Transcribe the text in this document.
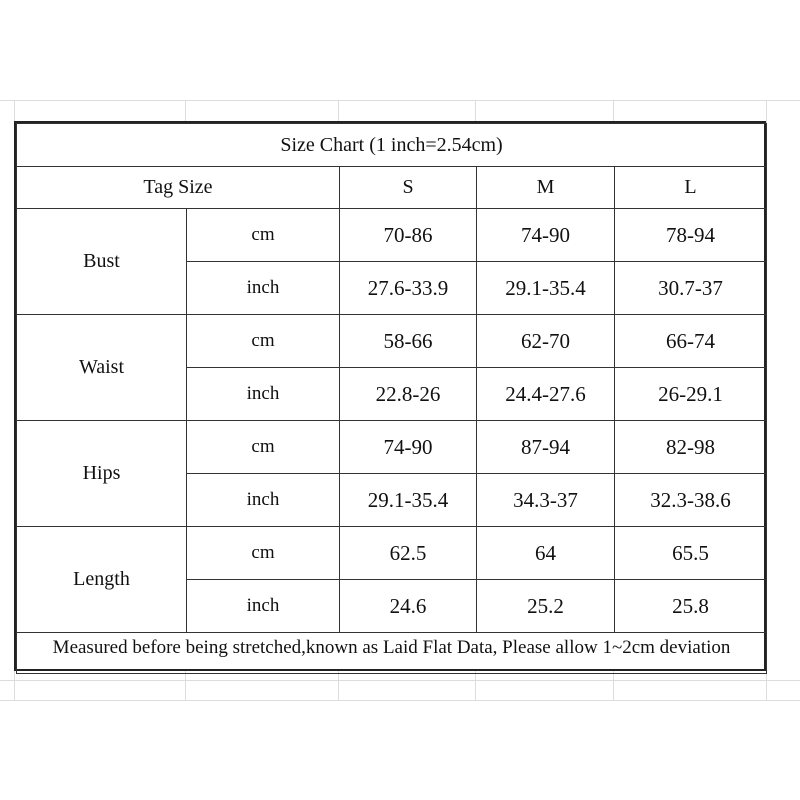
Size Chart (1 inch=2.54cm)				
Tag Size		S	M	L
Bust	cm	70-86	74-90	78-94
	inch	27.6-33.9	29.1-35.4	30.7-37
Waist	cm	58-66	62-70	66-74
	inch	22.8-26	24.4-27.6	26-29.1
Hips	cm	74-90	87-94	82-98
	inch	29.1-35.4	34.3-37	32.3-38.6
Length	cm	62.5	64	65.5
	inch	24.6	25.2	25.8

Measured before being stretched,known as Laid Flat Data, Please allow 1~2cm deviation				
